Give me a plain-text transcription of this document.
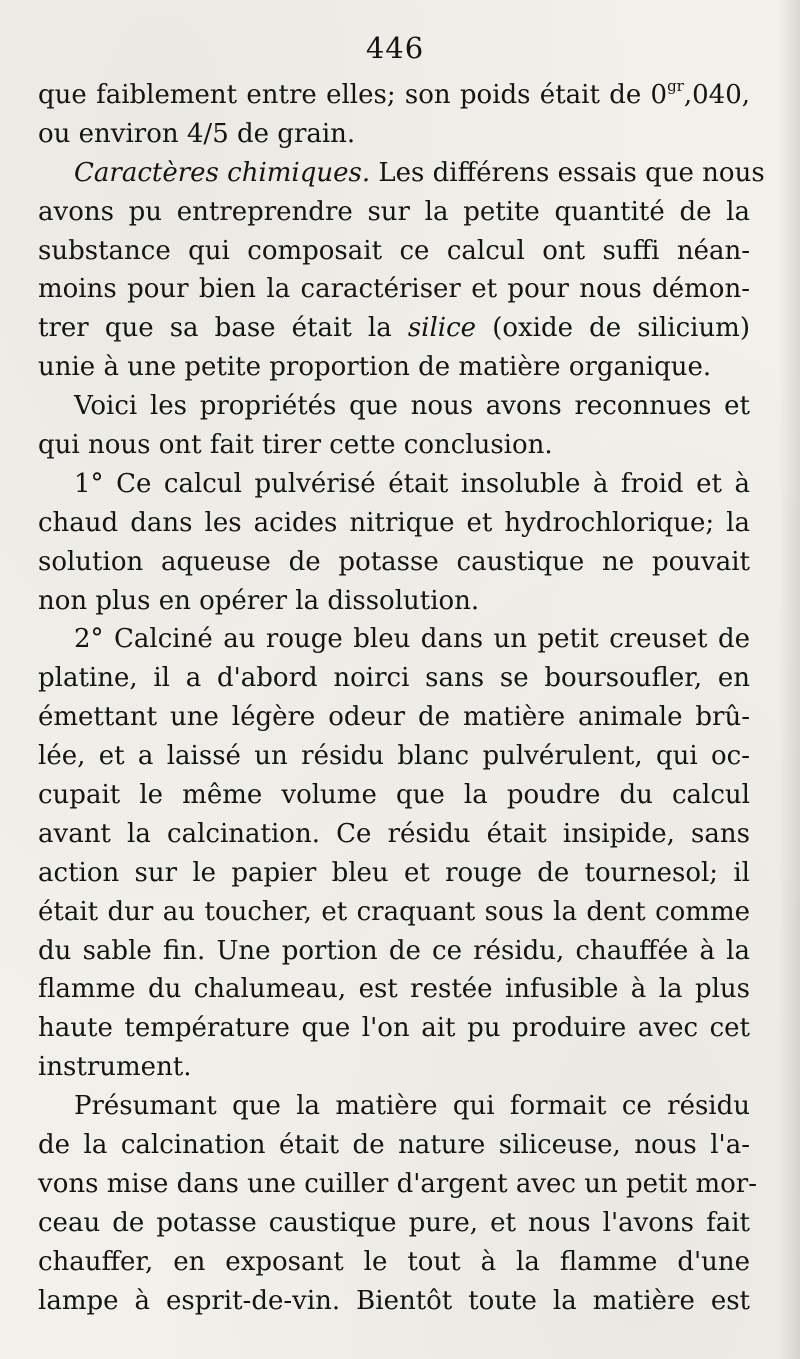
446
que faiblement entre elles; son poids était de $0^{gr},040$,
ou environ 4/5 de grain.
Caractères chimiques. Les différens essais que nous
avons pu entreprendre sur la petite quantité de la
substance qui composait ce calcul ont suffi néan-
moins pour bien la caractériser et pour nous démon-
trer que sa base était la silice (oxide de silicium)
unie à une petite proportion de matière organique.
Voici les propriétés que nous avons reconnues et
qui nous ont fait tirer cette conclusion.
1° Ce calcul pulvérisé était insoluble à froid et à
chaud dans les acides nitrique et hydrochlorique; la
solution aqueuse de potasse caustique ne pouvait
non plus en opérer la dissolution.
2° Calciné au rouge bleu dans un petit creuset de
platine, il a d'abord noirci sans se boursoufler, en
émettant une légère odeur de matière animale brû-
lée, et a laissé un résidu blanc pulvérulent, qui oc-
cupait le même volume que la poudre du calcul
avant la calcination. Ce résidu était insipide, sans
action sur le papier bleu et rouge de tournesol; il
était dur au toucher, et craquant sous la dent comme
du sable fin. Une portion de ce résidu, chauffée à la
flamme du chalumeau, est restée infusible à la plus
haute température que l'on ait pu produire avec cet
instrument.
Présumant que la matière qui formait ce résidu
de la calcination était de nature siliceuse, nous l'a-
vons mise dans une cuiller d'argent avec un petit mor-
ceau de potasse caustique pure, et nous l'avons fait
chauffer, en exposant le tout à la flamme d'une
lampe à esprit-de-vin. Bientôt toute la matière est
